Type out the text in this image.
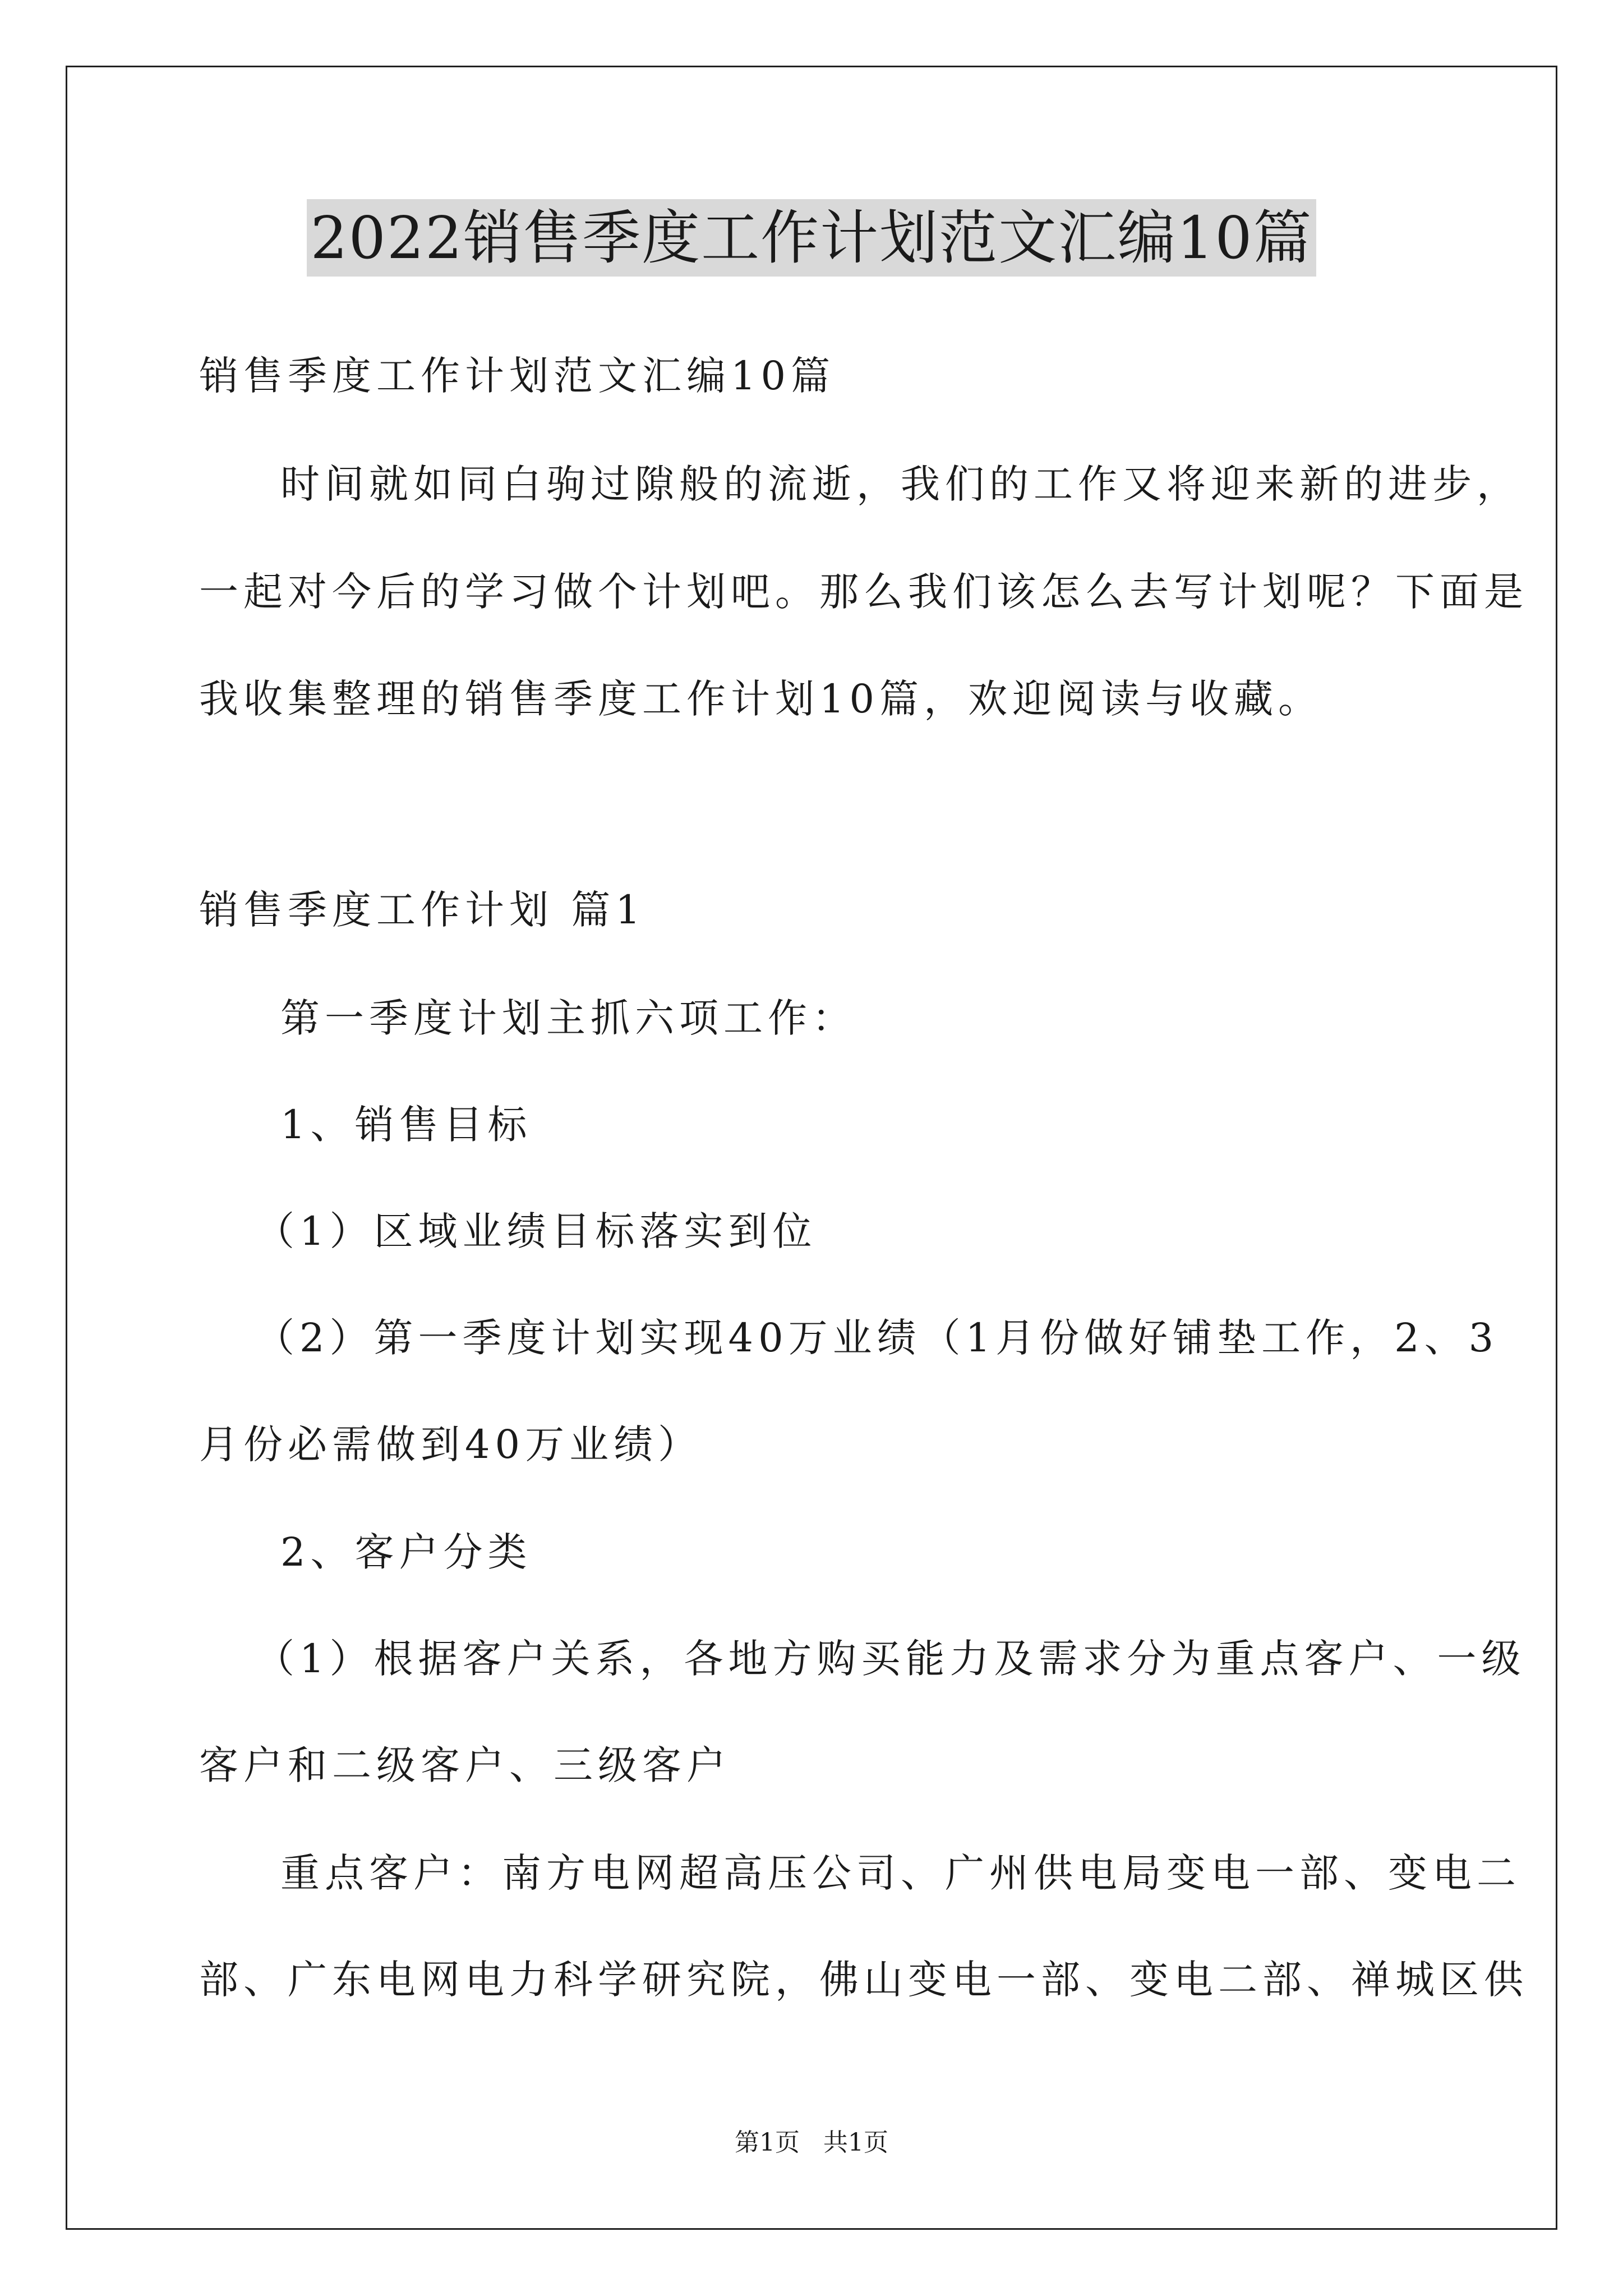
2022销售季度工作计划范文汇编10篇
销售季度工作计划范文汇编10篇
时间就如同白驹过隙般的流逝，我们的工作又将迎来新的进步，
一起对今后的学习做个计划吧。那么我们该怎么去写计划呢？下面是
我收集整理的销售季度工作计划10篇，欢迎阅读与收藏。
销售季度工作计划 篇1
第一季度计划主抓六项工作：
1、销售目标
（1）区域业绩目标落实到位
（2）第一季度计划实现40万业绩（1月份做好铺垫工作，2、3
月份必需做到40万业绩）
2、客户分类
（1）根据客户关系，各地方购买能力及需求分为重点客户、一级
客户和二级客户、三级客户
重点客户：南方电网超高压公司、广州供电局变电一部、变电二
部、广东电网电力科学研究院，佛山变电一部、变电二部、禅城区供
第1页 共1页
